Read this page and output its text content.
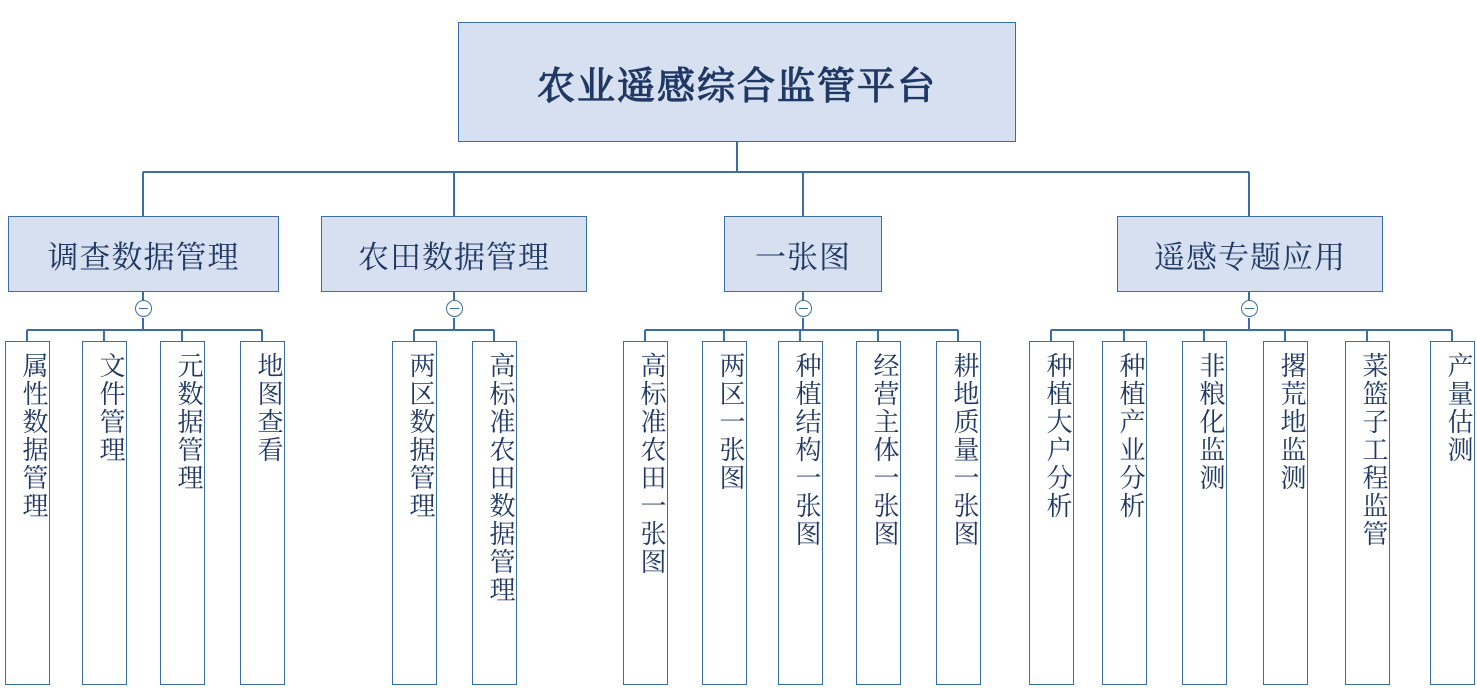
农业遥感综合监管平台
调查数据管理	农田数据管理	一张图	遥感专题应用
属性数据管理 文件管理 元数据管理 地图查看	两区数据管理 高标准农田数据管理	高标准农田一张图 两区一张图 种植结构一张图 经营主体一张图 耕地质量一张图 种植大户分析 种植产业分析 非粮化监测 撂荒地监测 菜篮子工程监管 产量估测
